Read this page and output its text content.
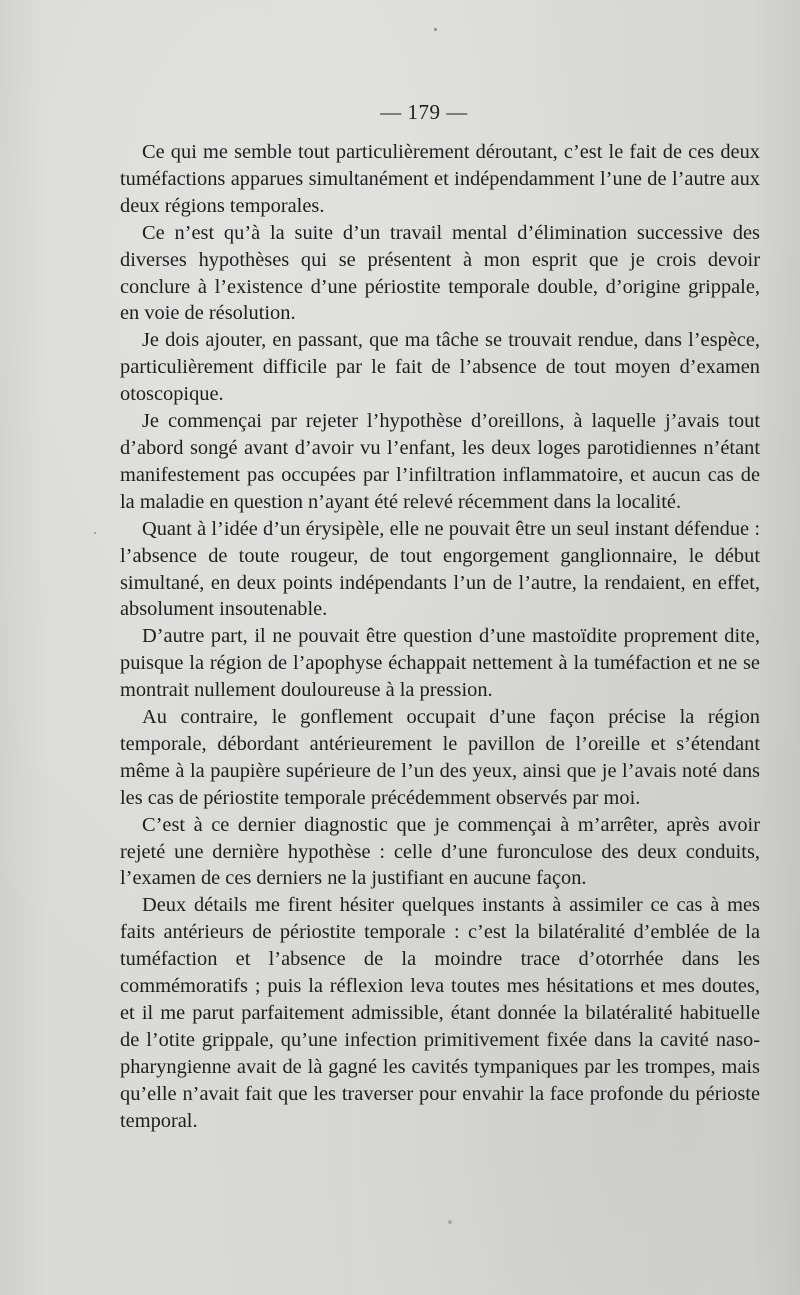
— 179 —

Ce qui me semble tout particulièrement déroutant, c’est le fait de ces deux tuméfactions apparues simultanément et indépendamment l’une de l’autre aux deux régions temporales.

Ce n’est qu’à la suite d’un travail mental d’élimination successive des diverses hypothèses qui se présentent à mon esprit que je crois devoir conclure à l’existence d’une périostite temporale double, d’origine grippale, en voie de résolution.

Je dois ajouter, en passant, que ma tâche se trouvait rendue, dans l’espèce, particulièrement difficile par le fait de l’absence de tout moyen d’examen otoscopique.

Je commençai par rejeter l’hypothèse d’oreillons, à laquelle j’avais tout d’abord songé avant d’avoir vu l’enfant, les deux loges parotidiennes n’étant manifestement pas occupées par l’infiltration inflammatoire, et aucun cas de la maladie en question n’ayant été relevé récemment dans la localité.

Quant à l’idée d’un érysipèle, elle ne pouvait être un seul instant défendue : l’absence de toute rougeur, de tout engorgement ganglionnaire, le début simultané, en deux points indépendants l’un de l’autre, la rendaient, en effet, absolument insoutenable.

D’autre part, il ne pouvait être question d’une mastoïdite proprement dite, puisque la région de l’apophyse échappait nettement à la tuméfaction et ne se montrait nullement douloureuse à la pression.

Au contraire, le gonflement occupait d’une façon précise la région temporale, débordant antérieurement le pavillon de l’oreille et s’étendant même à la paupière supérieure de l’un des yeux, ainsi que je l’avais noté dans les cas de périostite temporale précédemment observés par moi.

C’est à ce dernier diagnostic que je commençai à m’arrêter, après avoir rejeté une dernière hypothèse : celle d’une furonculose des deux conduits, l’examen de ces derniers ne la justifiant en aucune façon.

Deux détails me firent hésiter quelques instants à assimiler ce cas à mes faits antérieurs de périostite temporale : c’est la bilatéralité d’emblée de la tuméfaction et l’absence de la moindre trace d’otorrhée dans les commémoratifs ; puis la réflexion leva toutes mes hésitations et mes doutes, et il me parut parfaitement admissible, étant donnée la bilatéralité habituelle de l’otite grippale, qu’une infection primitivement fixée dans la cavité naso-pharyngienne avait de là gagné les cavités tympaniques par les trompes, mais qu’elle n’avait fait que les traverser pour envahir la face profonde du périoste temporal.
